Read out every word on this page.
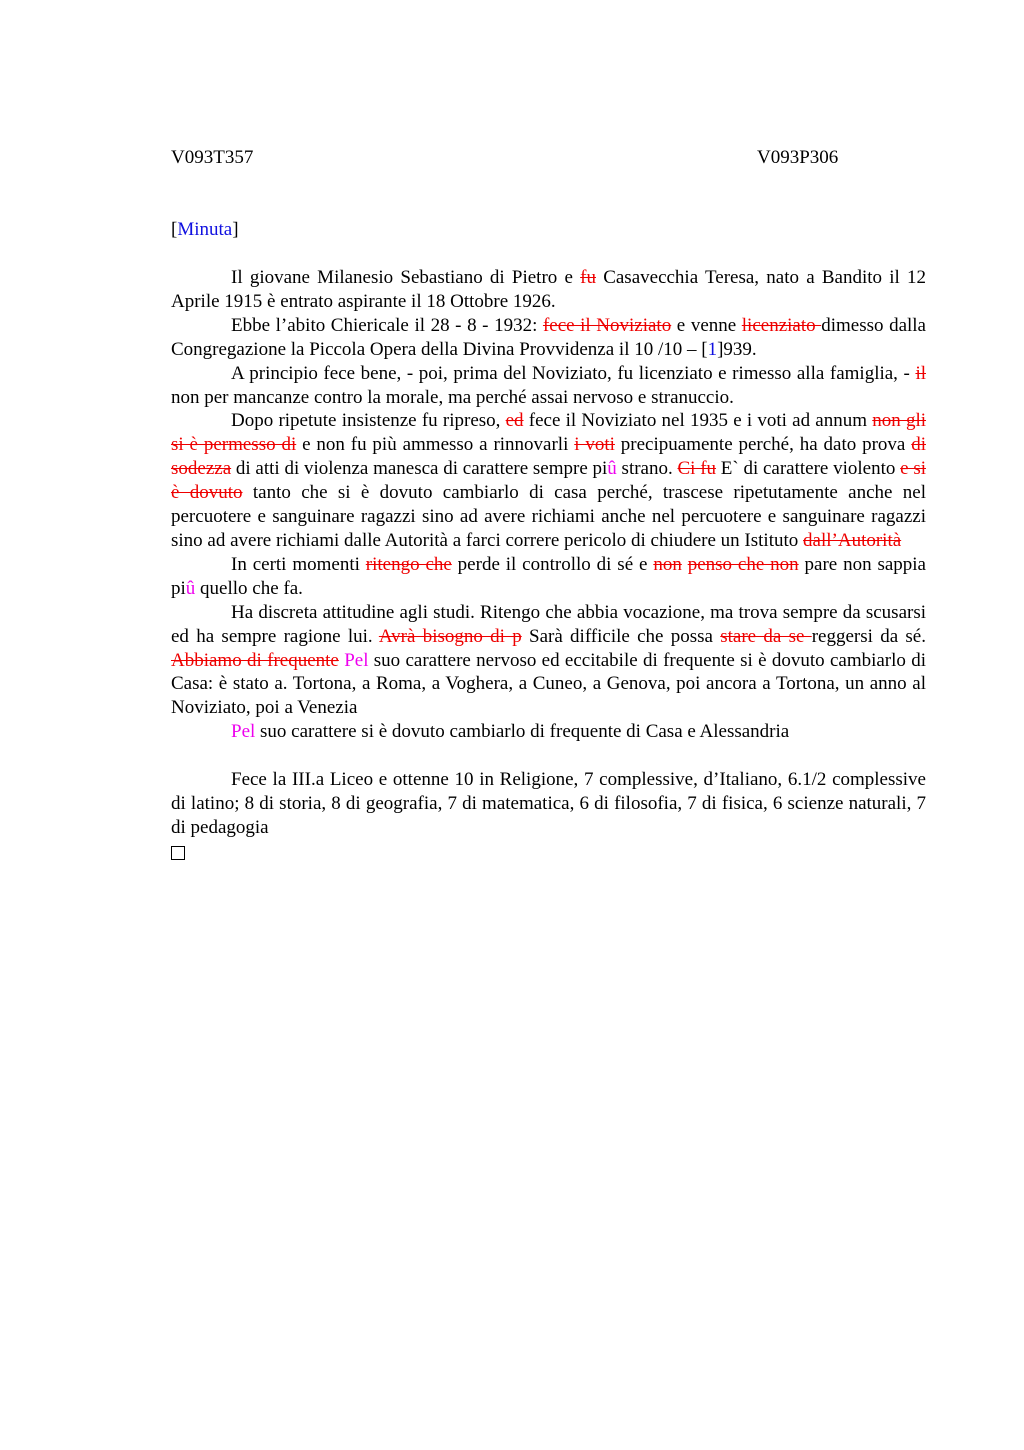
V093T357	V093P306
[Minuta]

Il giovane Milanesio Sebastiano di Pietro e fu Casavecchia Teresa, nato a Bandito il 12 Aprile 1915 è entrato aspirante il 18 Ottobre 1926.

Ebbe l’abito Chiericale il 28 - 8 - 1932: fece il Noviziato e venne licenziato dimesso dalla Congregazione la Piccola Opera della Divina Provvidenza il 10 /10 – [1]939.

A principio fece bene, - poi, prima del Noviziato, fu licenziato e rimesso alla famiglia, - il non per mancanze contro la morale, ma perché assai nervoso e stranuccio.

Dopo ripetute insistenze fu ripreso, ed fece il Noviziato nel 1935 e i voti ad annum non gli si è permesso di e non fu più ammesso a rinnovarli i voti precipuamente perché, ha dato prova di sodezza di atti di violenza manesca di carattere sempre piû strano. Ci fu E` di carattere violento e si è dovuto tanto che si è dovuto cambiarlo di casa perché, trascese ripetutamente anche nel percuotere e sanguinare ragazzi sino ad avere richiami anche nel percuotere e sanguinare ragazzi sino ad avere richiami dalle Autorità a farci correre pericolo di chiudere un Istituto dall’Autorità

In certi momenti ritengo che perde il controllo di sé e non penso che non pare non sappia piû quello che fa.

Ha discreta attitudine agli studi. Ritengo che abbia vocazione, ma trova sempre da scusarsi ed ha sempre ragione lui. Avrà bisogno di p Sarà difficile che possa stare da se reggersi da sé. Abbiamo di frequente Pel suo carattere nervoso ed eccitabile di frequente si è dovuto cambiarlo di Casa: è stato a. Tortona, a Roma, a Voghera, a Cuneo, a Genova, poi ancora a Tortona, un anno al Noviziato, poi a Venezia

Pel suo carattere si è dovuto cambiarlo di frequente di Casa e Alessandria

Fece la III.a Liceo e ottenne 10 in Religione, 7 complessive, d’Italiano, 6.1/2 complessive di latino; 8 di storia, 8 di geografia, 7 di matematica, 6 di filosofia, 7 di fisica, 6 scienze naturali, 7 di pedagogia
